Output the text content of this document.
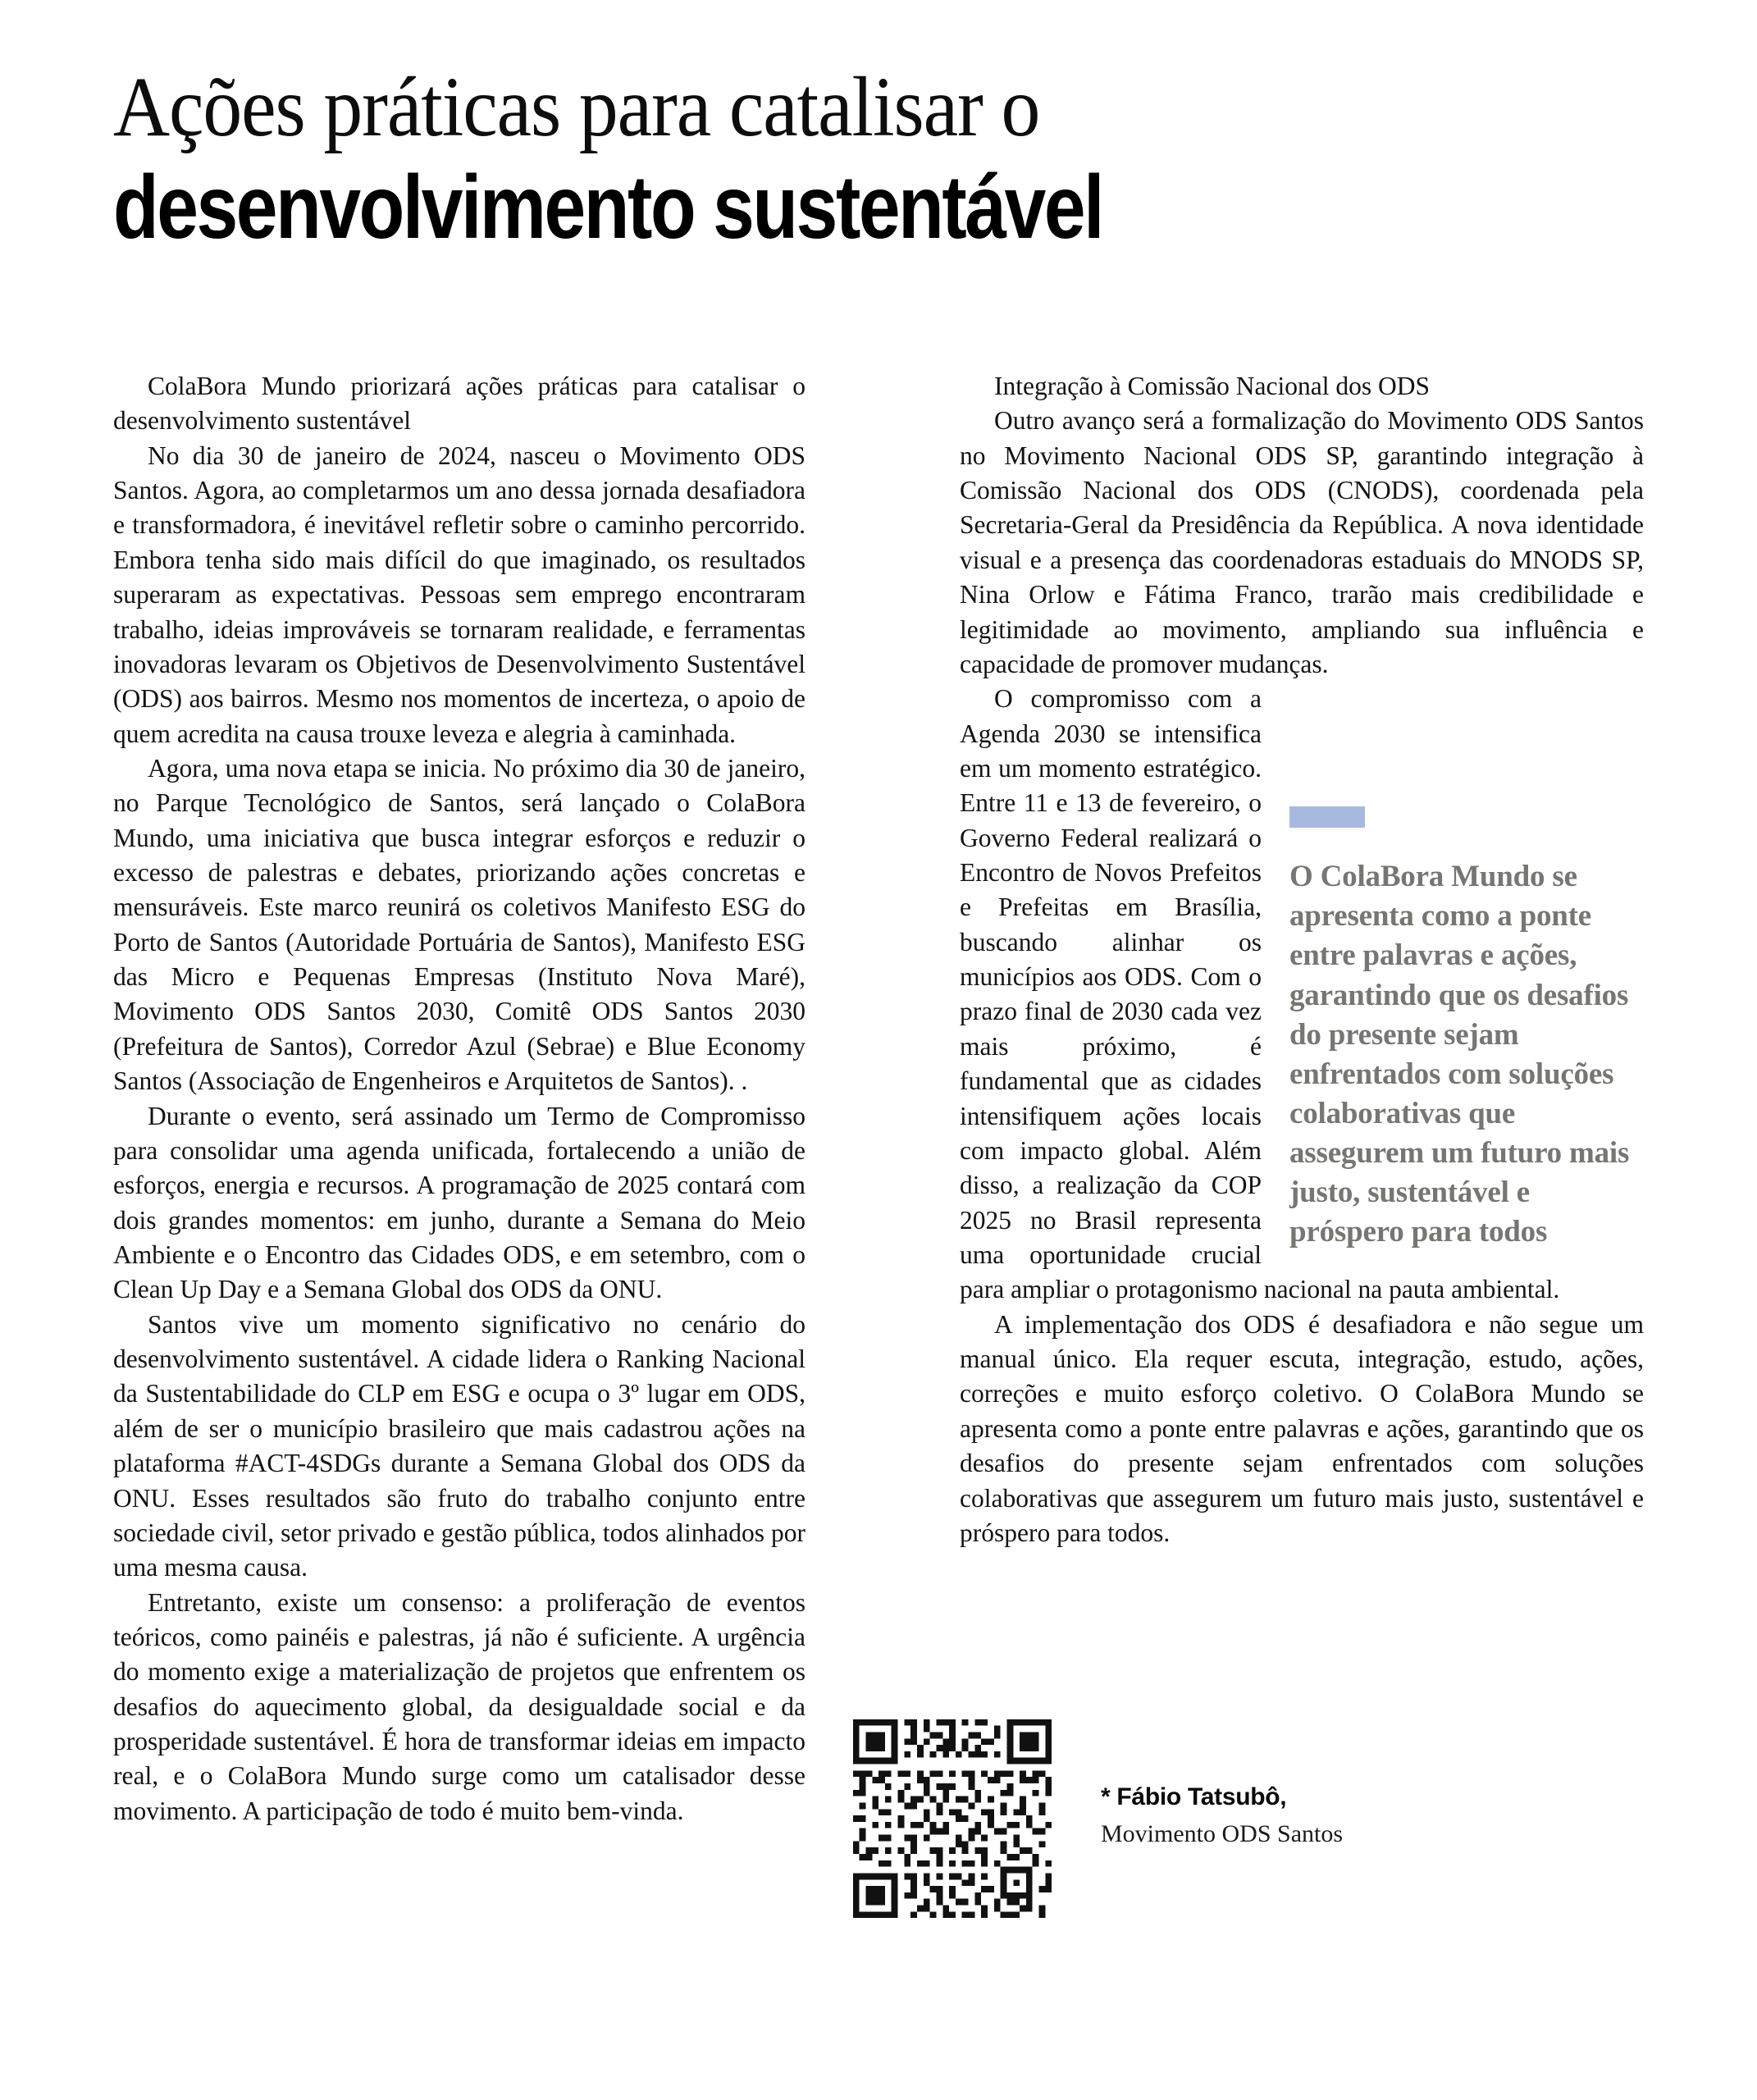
Ações práticas para catalisar o
desenvolvimento sustentável

ColaBora Mundo priorizará ações práticas para catalisar o desenvolvimento sustentável

No dia 30 de janeiro de 2024, nasceu o Movimento ODS Santos. Agora, ao completarmos um ano dessa jornada desafiadora e transformadora, é inevitável refletir sobre o caminho percorrido. Embora tenha sido mais difícil do que imaginado, os resultados superaram as expectativas. Pessoas sem emprego encontraram trabalho, ideias improváveis se tornaram realidade, e ferramentas inovadoras levaram os Objetivos de Desenvolvimento Sustentável (ODS) aos bairros. Mesmo nos momentos de incerteza, o apoio de quem acredita na causa trouxe leveza e alegria à caminhada.

Agora, uma nova etapa se inicia. No próximo dia 30 de janeiro, no Parque Tecnológico de Santos, será lançado o ColaBora Mundo, uma iniciativa que busca integrar esforços e reduzir o excesso de palestras e debates, priorizando ações concretas e mensuráveis. Este marco reunirá os coletivos Manifesto ESG do Porto de Santos (Autoridade Portuária de Santos), Manifesto ESG das Micro e Pequenas Empresas (Instituto Nova Maré), Movimento ODS Santos 2030, Comitê ODS Santos 2030 (Prefeitura de Santos), Corredor Azul (Sebrae) e Blue Economy Santos (Associação de Engenheiros e Arquitetos de Santos). .

Durante o evento, será assinado um Termo de Compromisso para consolidar uma agenda unificada, fortalecendo a união de esforços, energia e recursos. A programação de 2025 contará com dois grandes momentos: em junho, durante a Semana do Meio Ambiente e o Encontro das Cidades ODS, e em setembro, com o Clean Up Day e a Semana Global dos ODS da ONU.

Santos vive um momento significativo no cenário do desenvolvimento sustentável. A cidade lidera o Ranking Nacional da Sustentabilidade do CLP em ESG e ocupa o 3º lugar em ODS, além de ser o município brasileiro que mais cadastrou ações na plataforma #ACT-4SDGs durante a Semana Global dos ODS da ONU. Esses resultados são fruto do trabalho conjunto entre sociedade civil, setor privado e gestão pública, todos alinhados por uma mesma causa.

Entretanto, existe um consenso: a proliferação de eventos teóricos, como painéis e palestras, já não é suficiente. A urgência do momento exige a materialização de projetos que enfrentem os desafios do aquecimento global, da desigualdade social e da prosperidade sustentável. É hora de transformar ideias em impacto real, e o ColaBora Mundo surge como um catalisador desse movimento. A participação de todo é muito bem-vinda.

Integração à Comissão Nacional dos ODS

Outro avanço será a formalização do Movimento ODS Santos no Movimento Nacional ODS SP, garantindo integração à Comissão Nacional dos ODS (CNODS), coordenada pela Secretaria-Geral da Presidência da República. A nova identidade visual e a presença das coordenadoras estaduais do MNODS SP, Nina Orlow e Fátima Franco, trarão mais credibilidade e legitimidade ao movimento, ampliando sua influência e capacidade de promover mudanças.

O ColaBora Mundo se apresenta como a ponte entre palavras e ações, garantindo que os desafios do presente sejam enfrentados com soluções colaborativas que assegurem um futuro mais justo, sustentável e próspero para todos

O compromisso com a Agenda 2030 se intensifica em um momento estratégico. Entre 11 e 13 de fevereiro, o Governo Federal realizará o Encontro de Novos Prefeitos e Prefeitas em Brasília, buscando alinhar os municípios aos ODS. Com o prazo final de 2030 cada vez mais próximo, é fundamental que as cidades intensifiquem ações locais com impacto global. Além disso, a realização da COP 2025 no Brasil representa uma oportunidade crucial para ampliar o protagonismo nacional na pauta ambiental.

A implementação dos ODS é desafiadora e não segue um manual único. Ela requer escuta, integração, estudo, ações, correções e muito esforço coletivo. O ColaBora Mundo se apresenta como a ponte entre palavras e ações, garantindo que os desafios do presente sejam enfrentados com soluções colaborativas que assegurem um futuro mais justo, sustentável e próspero para todos.

* Fábio Tatsubô,
Movimento ODS Santos
